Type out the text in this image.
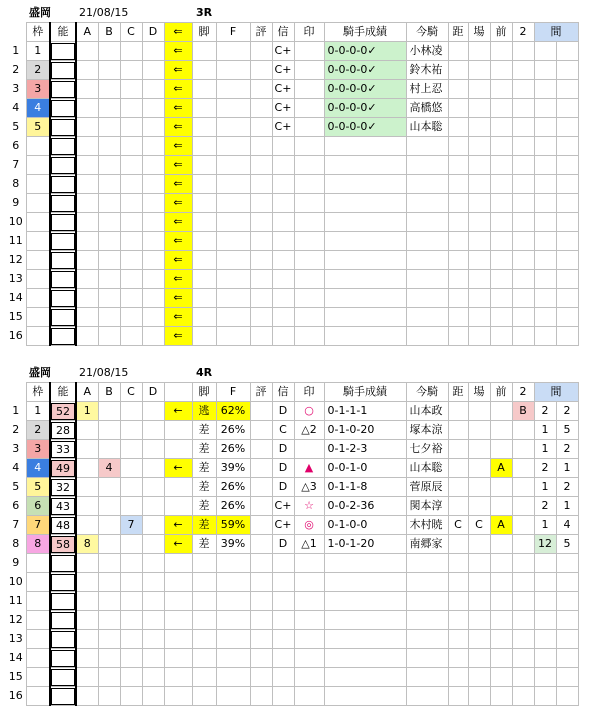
	盛岡		21/08/15					3R												
	枠	能	A	B	C	D	⇐	脚	F	評	信	印	騎手成績	今騎	距	場	前	2	間	
1	1						⇐				C+		0-0-0-0✓	小林凌						
2	2						⇐				C+		0-0-0-0✓	鈴木祐						
3	3						⇐				C+		0-0-0-0✓	村上忍						
4	4						⇐				C+		0-0-0-0✓	高橋悠						
5	5						⇐				C+		0-0-0-0✓	山本聡						
6							⇐													
7							⇐													
8							⇐													
9							⇐													
10							⇐													
11							⇐													
12							⇐													
13							⇐													
14							⇐													
15							⇐													
16							⇐													
	盛岡		21/08/15					4R												
	枠	能	A	B	C	D		脚	F	評	信	印	騎手成績	今騎	距	場	前	2	間	
1	1	52	1				←	逃	62%		D	○	0-1-1-1	山本政				B	2	2
2	2	28						差	26%		C	△2	0-1-0-20	塚本涼					1	5
3	3	33						差	26%		D		0-1-2-3	七夕裕					1	2
4	4	49		4			←	差	39%		D	▲	0-0-1-0	山本聡			A		2	1
5	5	32						差	26%		D	△3	0-1-1-8	菅原辰					1	2
6	6	43						差	26%		C+	☆	0-0-2-36	関本淳					2	1
7	7	48			7		←	差	59%		C+	◎	0-1-0-0	木村暁	C	C	A		1	4
8	8	58	8				←	差	39%		D	△1	1-0-1-20	南郷家					12	5
9																				
10																				
11																				
12																				
13																				
14																				
15																				
16																				
